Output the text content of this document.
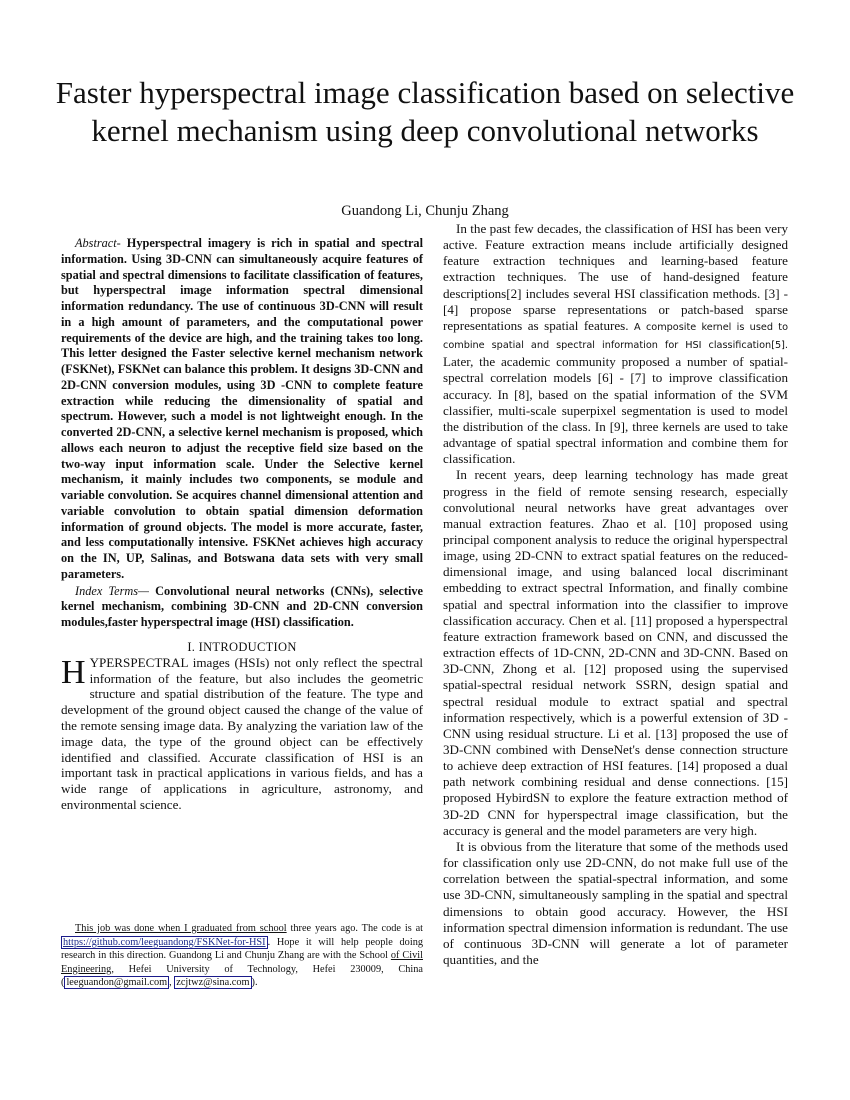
Faster hyperspectral image classification based on selective kernel mechanism using deep convolutional networks

Guandong Li, Chunju Zhang

Abstract- Hyperspectral imagery is rich in spatial and spectral information. Using 3D-CNN can simultaneously acquire features of spatial and spectral dimensions to facilitate classification of features, but hyperspectral image information spectral dimensional information redundancy. The use of continuous 3D-CNN will result in a high amount of parameters, and the computational power requirements of the device are high, and the training takes too long. This letter designed the Faster selective kernel mechanism network (FSKNet), FSKNet can balance this problem. It designs 3D-CNN and 2D-CNN conversion modules, using 3D -CNN to complete feature extraction while reducing the dimensionality of spatial and spectrum. However, such a model is not lightweight enough. In the converted 2D-CNN, a selective kernel mechanism is proposed, which allows each neuron to adjust the receptive field size based on the two-way input information scale. Under the Selective kernel mechanism, it mainly includes two components, se module and variable convolution. Se acquires channel dimensional attention and variable convolution to obtain spatial dimension deformation information of ground objects. The model is more accurate, faster, and less computationally intensive. FSKNet achieves high accuracy on the IN, UP, Salinas, and Botswana data sets with very small parameters.

Index Terms— Convolutional neural networks (CNNs), selective kernel mechanism, combining 3D-CNN and 2D-CNN conversion modules,faster hyperspectral image (HSI) classification.

I. INTRODUCTION

HYPERSPECTRAL images (HSIs) not only reflect the spectral information of the feature, but also includes the geometric structure and spatial distribution of the feature. The type and development of the ground object caused the change of the value of the remote sensing image data. By analyzing the variation law of the image data, the type of the ground object can be effectively identified and classified. Accurate classification of HSI is an important task in practical applications in various fields, and has a wide range of applications in agriculture, astronomy, and environmental science.

This job was done when I graduated from school three years ago. The code is at https://github.com/leeguandong/FSKNet-for-HSI . Hope it will help people doing research in this direction. Guandong Li and Chunju Zhang are with the School of Civil Engineering, Hefei University of Technology, Hefei 230009, China ( leeguandon@gmail.com , zcjtwz@sina.com ).

In the past few decades, the classification of HSI has been very active. Feature extraction means include artificially designed feature extraction techniques and learning-based feature extraction techniques. The use of hand-designed feature descriptions[2] includes several HSI classification methods. [3] - [4] propose sparse representations or patch-based sparse representations as spatial features. A composite kernel is used to combine spatial and spectral information for HSI classification[5]. Later, the academic community proposed a number of spatial-spectral correlation models [6] - [7] to improve classification accuracy. In [8], based on the spatial information of the SVM classifier, multi-scale superpixel segmentation is used to model the distribution of the class. In [9], three kernels are used to take advantage of spatial spectral information and combine them for classification.

In recent years, deep learning technology has made great progress in the field of remote sensing research, especially convolutional neural networks have great advantages over manual extraction features. Zhao et al. [10] proposed using principal component analysis to reduce the original hyperspectral image, using 2D-CNN to extract spatial features on the reduced-dimensional image, and using balanced local discriminant embedding to extract spectral Information, and finally combine spatial and spectral information into the classifier to improve classification accuracy. Chen et al. [11] proposed a hyperspectral feature extraction framework based on CNN, and discussed the extraction effects of 1D-CNN, 2D-CNN and 3D-CNN. Based on 3D-CNN, Zhong et al. [12] proposed using the supervised spatial-spectral residual network SSRN, design spatial and spectral residual module to extract spatial and spectral information respectively, which is a powerful extension of 3D -CNN using residual structure. Li et al. [13] proposed the use of 3D-CNN combined with DenseNet's dense connection structure to achieve deep extraction of HSI features. [14] proposed a dual path network combining residual and dense connections. [15] proposed HybirdSN to explore the feature extraction method of 3D-2D CNN for hyperspectral image classification, but the accuracy is general and the model parameters are very high.

It is obvious from the literature that some of the methods used for classification only use 2D-CNN, do not make full use of the correlation between the spatial-spectral information, and some use 3D-CNN, simultaneously sampling in the spatial and spectral dimensions to obtain good accuracy. However, the HSI information spectral dimension information is redundant. The use of continuous 3D-CNN will generate a lot of parameter quantities, and the
